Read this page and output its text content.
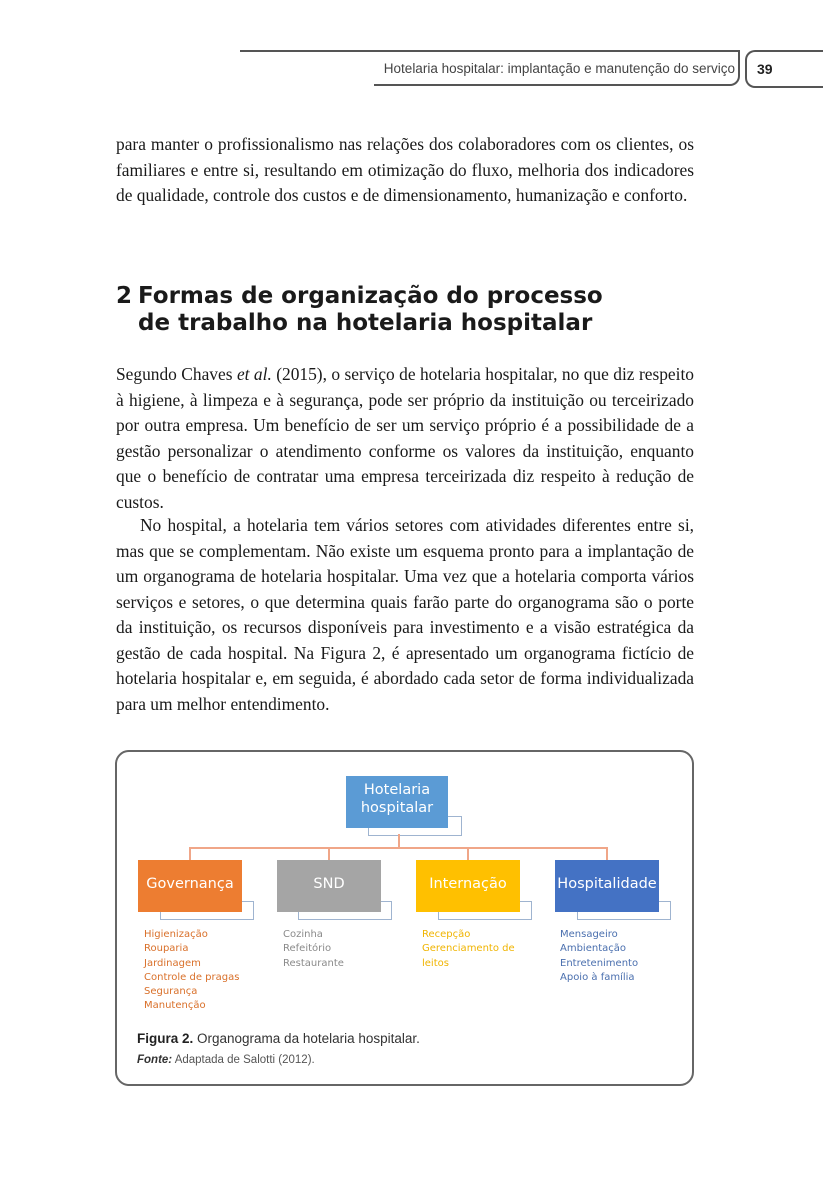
Hotelaria hospitalar: implantação e manutenção do serviço 39

para manter o profissionalismo nas relações dos colaboradores com os clientes, os familiares e entre si, resultando em otimização do fluxo, melhoria dos indicadores de qualidade, controle dos custos e de dimensionamento, humanização e conforto.

2 Formas de organização do processo
de trabalho na hotelaria hospitalar

Segundo Chaves et al. (2015), o serviço de hotelaria hospitalar, no que diz respeito à higiene, à limpeza e à segurança, pode ser próprio da instituição ou terceirizado por outra empresa. Um benefício de ser um serviço próprio é a possibilidade de a gestão personalizar o atendimento conforme os valores da instituição, enquanto que o benefício de contratar uma empresa terceirizada diz respeito à redução de custos.

No hospital, a hotelaria tem vários setores com atividades diferentes entre si, mas que se complementam. Não existe um esquema pronto para a implantação de um organograma de hotelaria hospitalar. Uma vez que a hotelaria comporta vários serviços e setores, o que determina quais farão parte do organograma são o porte da instituição, os recursos disponíveis para investimento e a visão estratégica da gestão de cada hospital. Na Figura 2, é apresentado um organograma fictício de hotelaria hospitalar e, em seguida, é abordado cada setor de forma individualizada para um melhor entendimento.

Hotelaria
hospitalar
Governança	SND	Internação	Hospitalidade
Higienização
Rouparia
Jardinagem
Controle de pragas
Segurança
Manutenção
Cozinha
Refeitório
Restaurante
Recepção
Gerenciamento de
leitos
Mensageiro
Ambientação
Entretenimento
Apoio à família
Figura 2. Organograma da hotelaria hospitalar.
Fonte: Adaptada de Salotti (2012).
